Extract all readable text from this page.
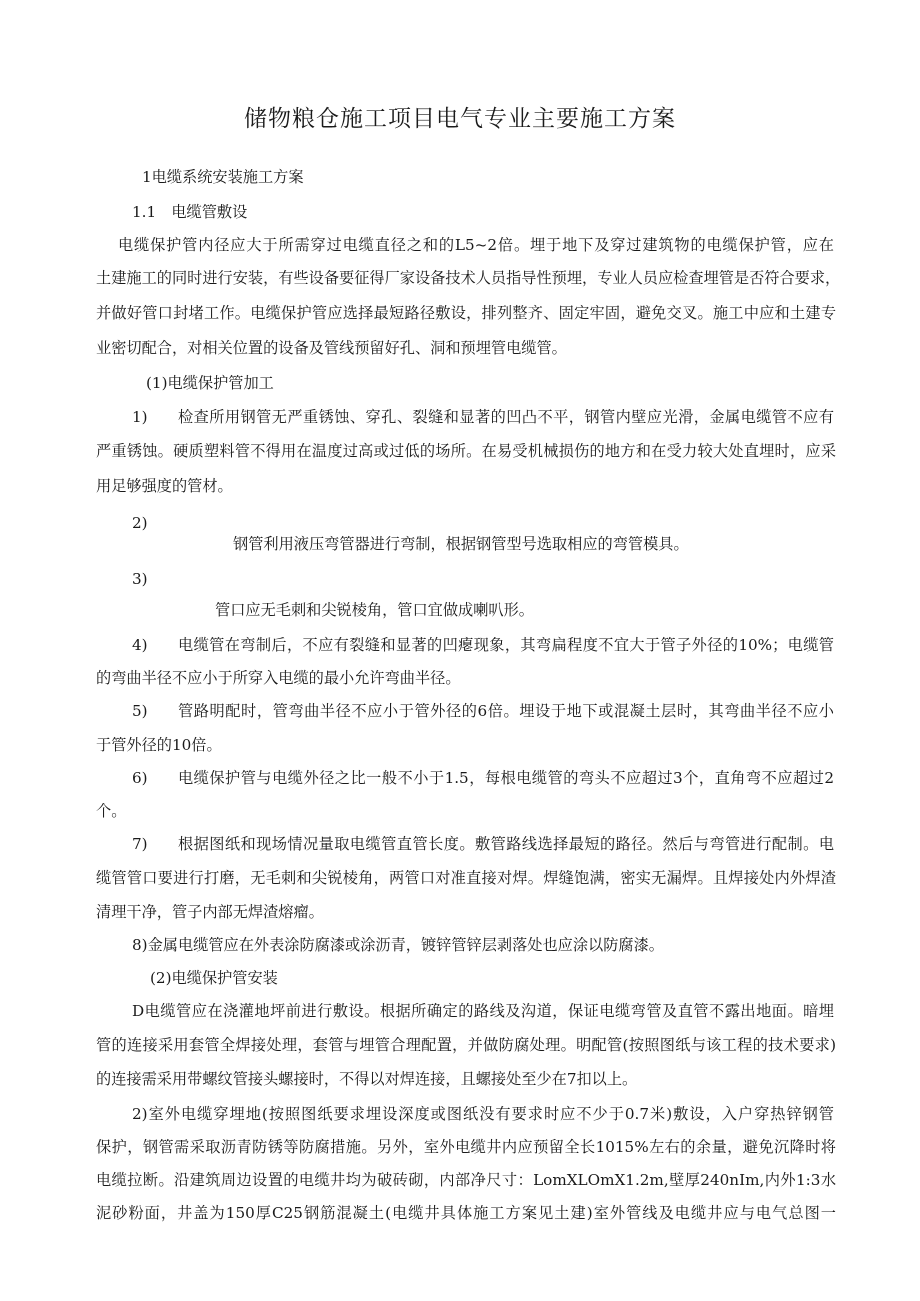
储物粮仓施工项目电气专业主要施工方案

1电缆系统安装施工方案

1.1　电缆管敷设

电缆保护管内径应大于所需穿过电缆直径之和的L5~2倍。埋于地下及穿过建筑物的电缆保护管，应在

土建施工的同时进行安装，有些设备要征得厂家设备技术人员指导性预埋，专业人员应检查埋管是否符合要求，

并做好管口封堵工作。电缆保护管应选择最短路径敷设，排列整齐、固定牢固，避免交叉。施工中应和土建专

业密切配合，对相关位置的设备及管线预留好孔、洞和预埋管电缆管。

(1)电缆保护管加工

1)	检查所用钢管无严重锈蚀、穿孔、裂缝和显著的凹凸不平，钢管内壁应光滑，金属电缆管不应有

严重锈蚀。硬质塑料管不得用在温度过高或过低的场所。在易受机械损伤的地方和在受力较大处直埋时，应采

用足够强度的管材。

2)

钢管利用液压弯管器进行弯制，根据钢管型号选取相应的弯管模具。

3)

管口应无毛刺和尖锐棱角，管口宜做成喇叭形。

4)	电缆管在弯制后，不应有裂缝和显著的凹瘪现象，其弯扁程度不宜大于管子外径的10%；电缆管

的弯曲半径不应小于所穿入电缆的最小允许弯曲半径。

5)	管路明配时，管弯曲半径不应小于管外径的6倍。埋设于地下或混凝土层时，其弯曲半径不应小

于管外径的10倍。

6)	电缆保护管与电缆外径之比一般不小于1.5，每根电缆管的弯头不应超过3个，直角弯不应超过2

个。

7)	根据图纸和现场情况量取电缆管直管长度。敷管路线选择最短的路径。然后与弯管进行配制。电

缆管管口要进行打磨，无毛刺和尖锐棱角，两管口对准直接对焊。焊缝饱满，密实无漏焊。且焊接处内外焊渣

清理干净，管子内部无焊渣熔瘤。

8)金属电缆管应在外表涂防腐漆或涂沥青，镀锌管锌层剥落处也应涂以防腐漆。

(2)电缆保护管安装

D电缆管应在浇灌地坪前进行敷设。根据所确定的路线及沟道，保证电缆弯管及直管不露出地面。暗埋

管的连接采用套管全焊接处理，套管与埋管合理配置，并做防腐处理。明配管(按照图纸与该工程的技术要求)

的连接需采用带螺纹管接头螺接时，不得以对焊连接，且螺接处至少在7扣以上。

2)室外电缆穿埋地(按照图纸要求埋设深度或图纸没有要求时应不少于0.7米)敷设，入户穿热锌钢管

保护，钢管需采取沥青防锈等防腐措施。另外，室外电缆井内应预留全长1015%左右的余量，避免沉降时将

电缆拉断。沿建筑周边设置的电缆井均为破砖砌，内部净尺寸：LomXLOmX1.2m,壁厚240nIm,内外1:3水

泥砂粉面，井盖为150厚C25钢筋混凝土(电缆井具体施工方案见土建)室外管线及电缆井应与电气总图一
